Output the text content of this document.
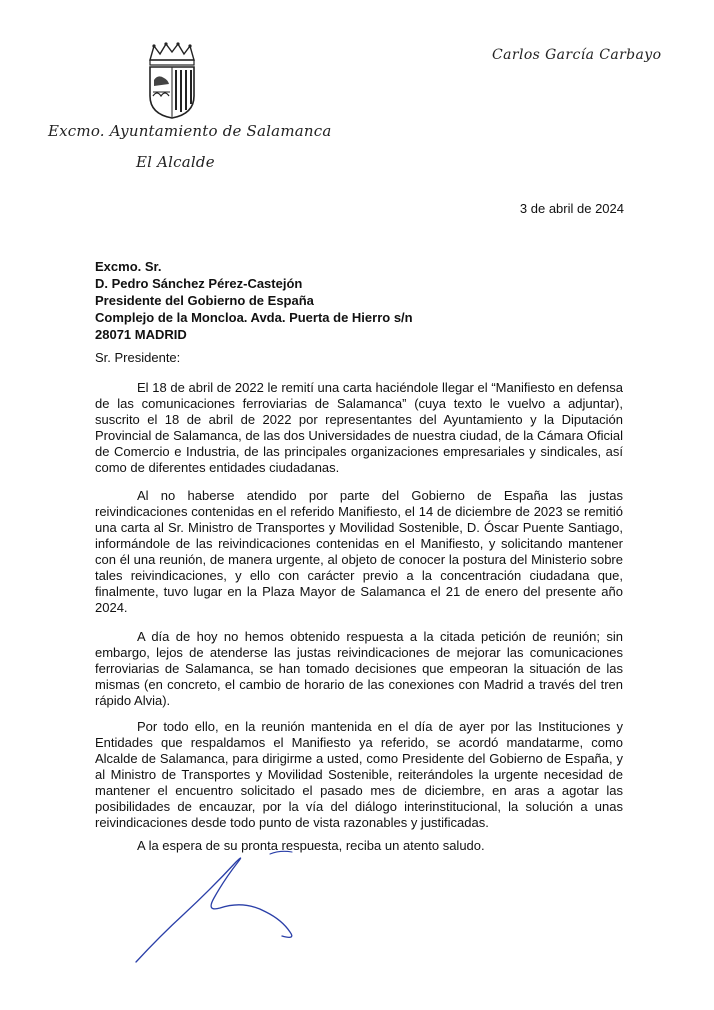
Carlos García Carbayo
Excmo. Ayuntamiento de Salamanca
El Alcalde
3 de abril de 2024
Excmo. Sr.
D. Pedro Sánchez Pérez-Castejón
Presidente del Gobierno de España
Complejo de la Moncloa. Avda. Puerta de Hierro s/n
28071 MADRID
Sr. Presidente:

El 18 de abril de 2022 le remití una carta haciéndole llegar el “Manifiesto en defensa de las comunicaciones ferroviarias de Salamanca” (cuya texto le vuelvo a adjuntar), suscrito el 18 de abril de 2022 por representantes del Ayuntamiento y la Diputación Provincial de Salamanca, de las dos Universidades de nuestra ciudad, de la Cámara Oficial de Comercio e Industria, de las principales organizaciones empresariales y sindicales, así como de diferentes entidades ciudadanas.

Al no haberse atendido por parte del Gobierno de España las justas reivindicaciones contenidas en el referido Manifiesto, el 14 de diciembre de 2023 se remitió una carta al Sr. Ministro de Transportes y Movilidad Sostenible, D. Óscar Puente Santiago, informándole de las reivindicaciones contenidas en el Manifiesto, y solicitando mantener con él una reunión, de manera urgente, al objeto de conocer la postura del Ministerio sobre tales reivindicaciones, y ello con carácter previo a la concentración ciudadana que, finalmente, tuvo lugar en la Plaza Mayor de Salamanca el 21 de enero del presente año 2024.

A día de hoy no hemos obtenido respuesta a la citada petición de reunión; sin embargo, lejos de atenderse las justas reivindicaciones de mejorar las comunicaciones ferroviarias de Salamanca, se han tomado decisiones que empeoran la situación de las mismas (en concreto, el cambio de horario de las conexiones con Madrid a través del tren rápido Alvia).

Por todo ello, en la reunión mantenida en el día de ayer por las Instituciones y Entidades que respaldamos el Manifiesto ya referido, se acordó mandatarme, como Alcalde de Salamanca, para dirigirme a usted, como Presidente del Gobierno de España, y al Ministro de Transportes y Movilidad Sostenible, reiterándoles la urgente necesidad de mantener el encuentro solicitado el pasado mes de diciembre, en aras a agotar las posibilidades de encauzar, por la vía del diálogo interinstitucional, la solución a unas reivindicaciones desde todo punto de vista razonables y justificadas.

A la espera de su pronta respuesta, reciba un atento saludo.
